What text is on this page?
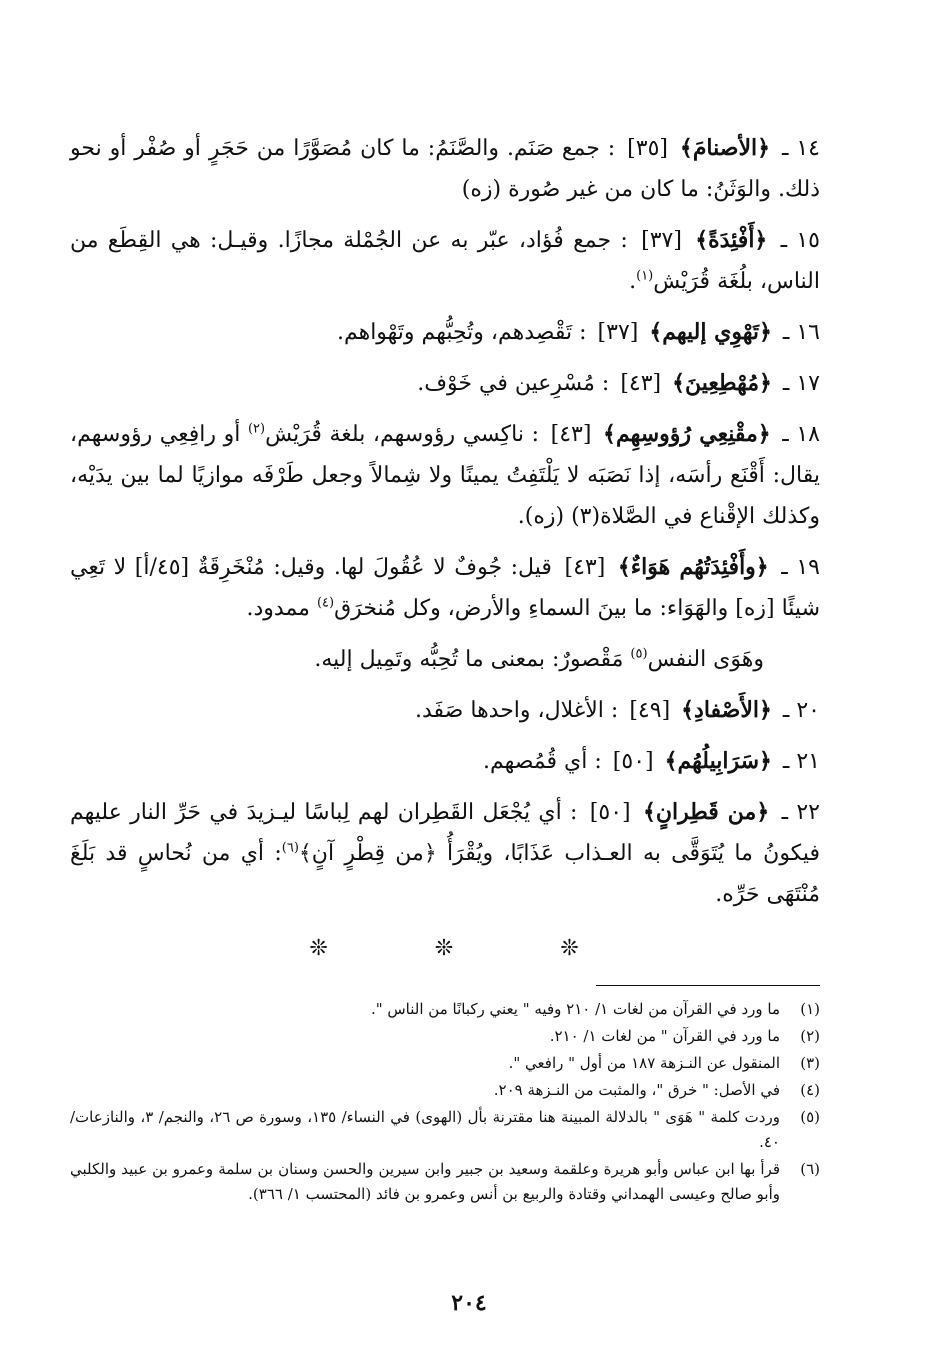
١٤ ـ ﴿الأصنامَ﴾ [٣٥] : جمع صَنَم. والصَّنَمُ: ما كان مُصَوَّرًا من حَجَرٍ أو صُفْر أو نحو ذلك. والوَثَنُ: ما كان من غير صُورة (زه)

١٥ ـ ﴿أَفْئِدَةً﴾ [٣٧] : جمع فُؤاد، عبّر به عن الجُمْلة مجازًا. وقيـل: هي القِطَع من الناس، بلُغَة قُرَيْش$^{(١)}$.

١٦ ـ ﴿تَهْوِي إليهم﴾ [٣٧] : تَقْصِدهم، وتُحِبُّهم وتَهْواهم.

١٧ ـ ﴿مُهْطِعِينَ﴾ [٤٣] : مُسْرِعين في خَوْف.

١٨ ـ ﴿مقْنِعِي رُؤوسِهِم﴾ [٤٣] : ناكِسي رؤوسهم، بلغة قُرَيْش$^{(٢)}$ أو رافِعِي رؤوسهم، يقال: أَقْنَع رأسَه، إذا نَصَبَه لا يَلْتَفِتُ يمينًا ولا شِمالاً وجعل طَرْفَه موازيًا لما بين يدَيْه، وكذلك الإقْناع في الصَّلاة(٣) (زه).

١٩ ـ ﴿وأَفْئِدَتُهُم هَوَاءٌ﴾ [٤٣] قيل: جُوفٌ لا عُقُولَ لها. وقيل: مُنْخَرِقَةٌ [٤٥/أ] لا تَعِي شيئًا [زه] والهَوَاء: ما بينَ السماءِ والأرض، وكل مُنخرَق$^{(٤)}$ ممدود.

وهَوَى النفس$^{(٥)}$ مَقْصورٌ: بمعنى ما تُحِبُّه وتَمِيل إليه.

٢٠ ـ ﴿الأَصْفادِ﴾ [٤٩] : الأغلال، واحدها صَفَد.

٢١ ـ ﴿سَرَابِيلُهُم﴾ [٥٠] : أي قُمُصهم.

٢٢ ـ ﴿من قَطِرانٍ﴾ [٥٠] : أي يُجْعَل القَطِران لهم لِباسًا ليـزيدَ في حَرِّ النار عليهم فيكونُ ما يُتَوَقَّى به العـذاب عَذَابًا، ويُقْرَأُ ﴿من قِطْرٍ آنٍ﴾$^{(٦)}$: أي من نُحاسٍ قد بَلَغَ مُنْتَهَى حَرِّه.

❊ ❊ ❊
(١)
ما ورد في القرآن من لغات ١/ ٢١٠ وفيه " يعني ركبانًا من الناس ".
(٢)
ما ورد في القرآن " من لغات ١/ ٢١٠.
(٣)
المنقول عن النـزهة ١٨٧ من أول " رافعي ".
(٤)
في الأصل: " خرق "، والمثبت من النـزهة ٢٠٩.
(٥)
وردت كلمة " هَوَى " بالدلالة المبينة هنا مقترنة بأل (الهوى) في النساء/ ١٣٥، وسورة ص ٢٦، والنجم/ ٣، والنازعات/ ٤٠.
(٦)
قرأ بها ابن عباس وأبو هريرة وعلقمة وسعيد بن جبير وابن سيرين والحسن وسنان بن سلمة وعمرو بن عبيد والكلبي وأبو صالح وعيسى الهمداني وقتادة والربيع بن أنس وعمرو بن فائد (المحتسب ١/ ٣٦٦).
٢٠٤
